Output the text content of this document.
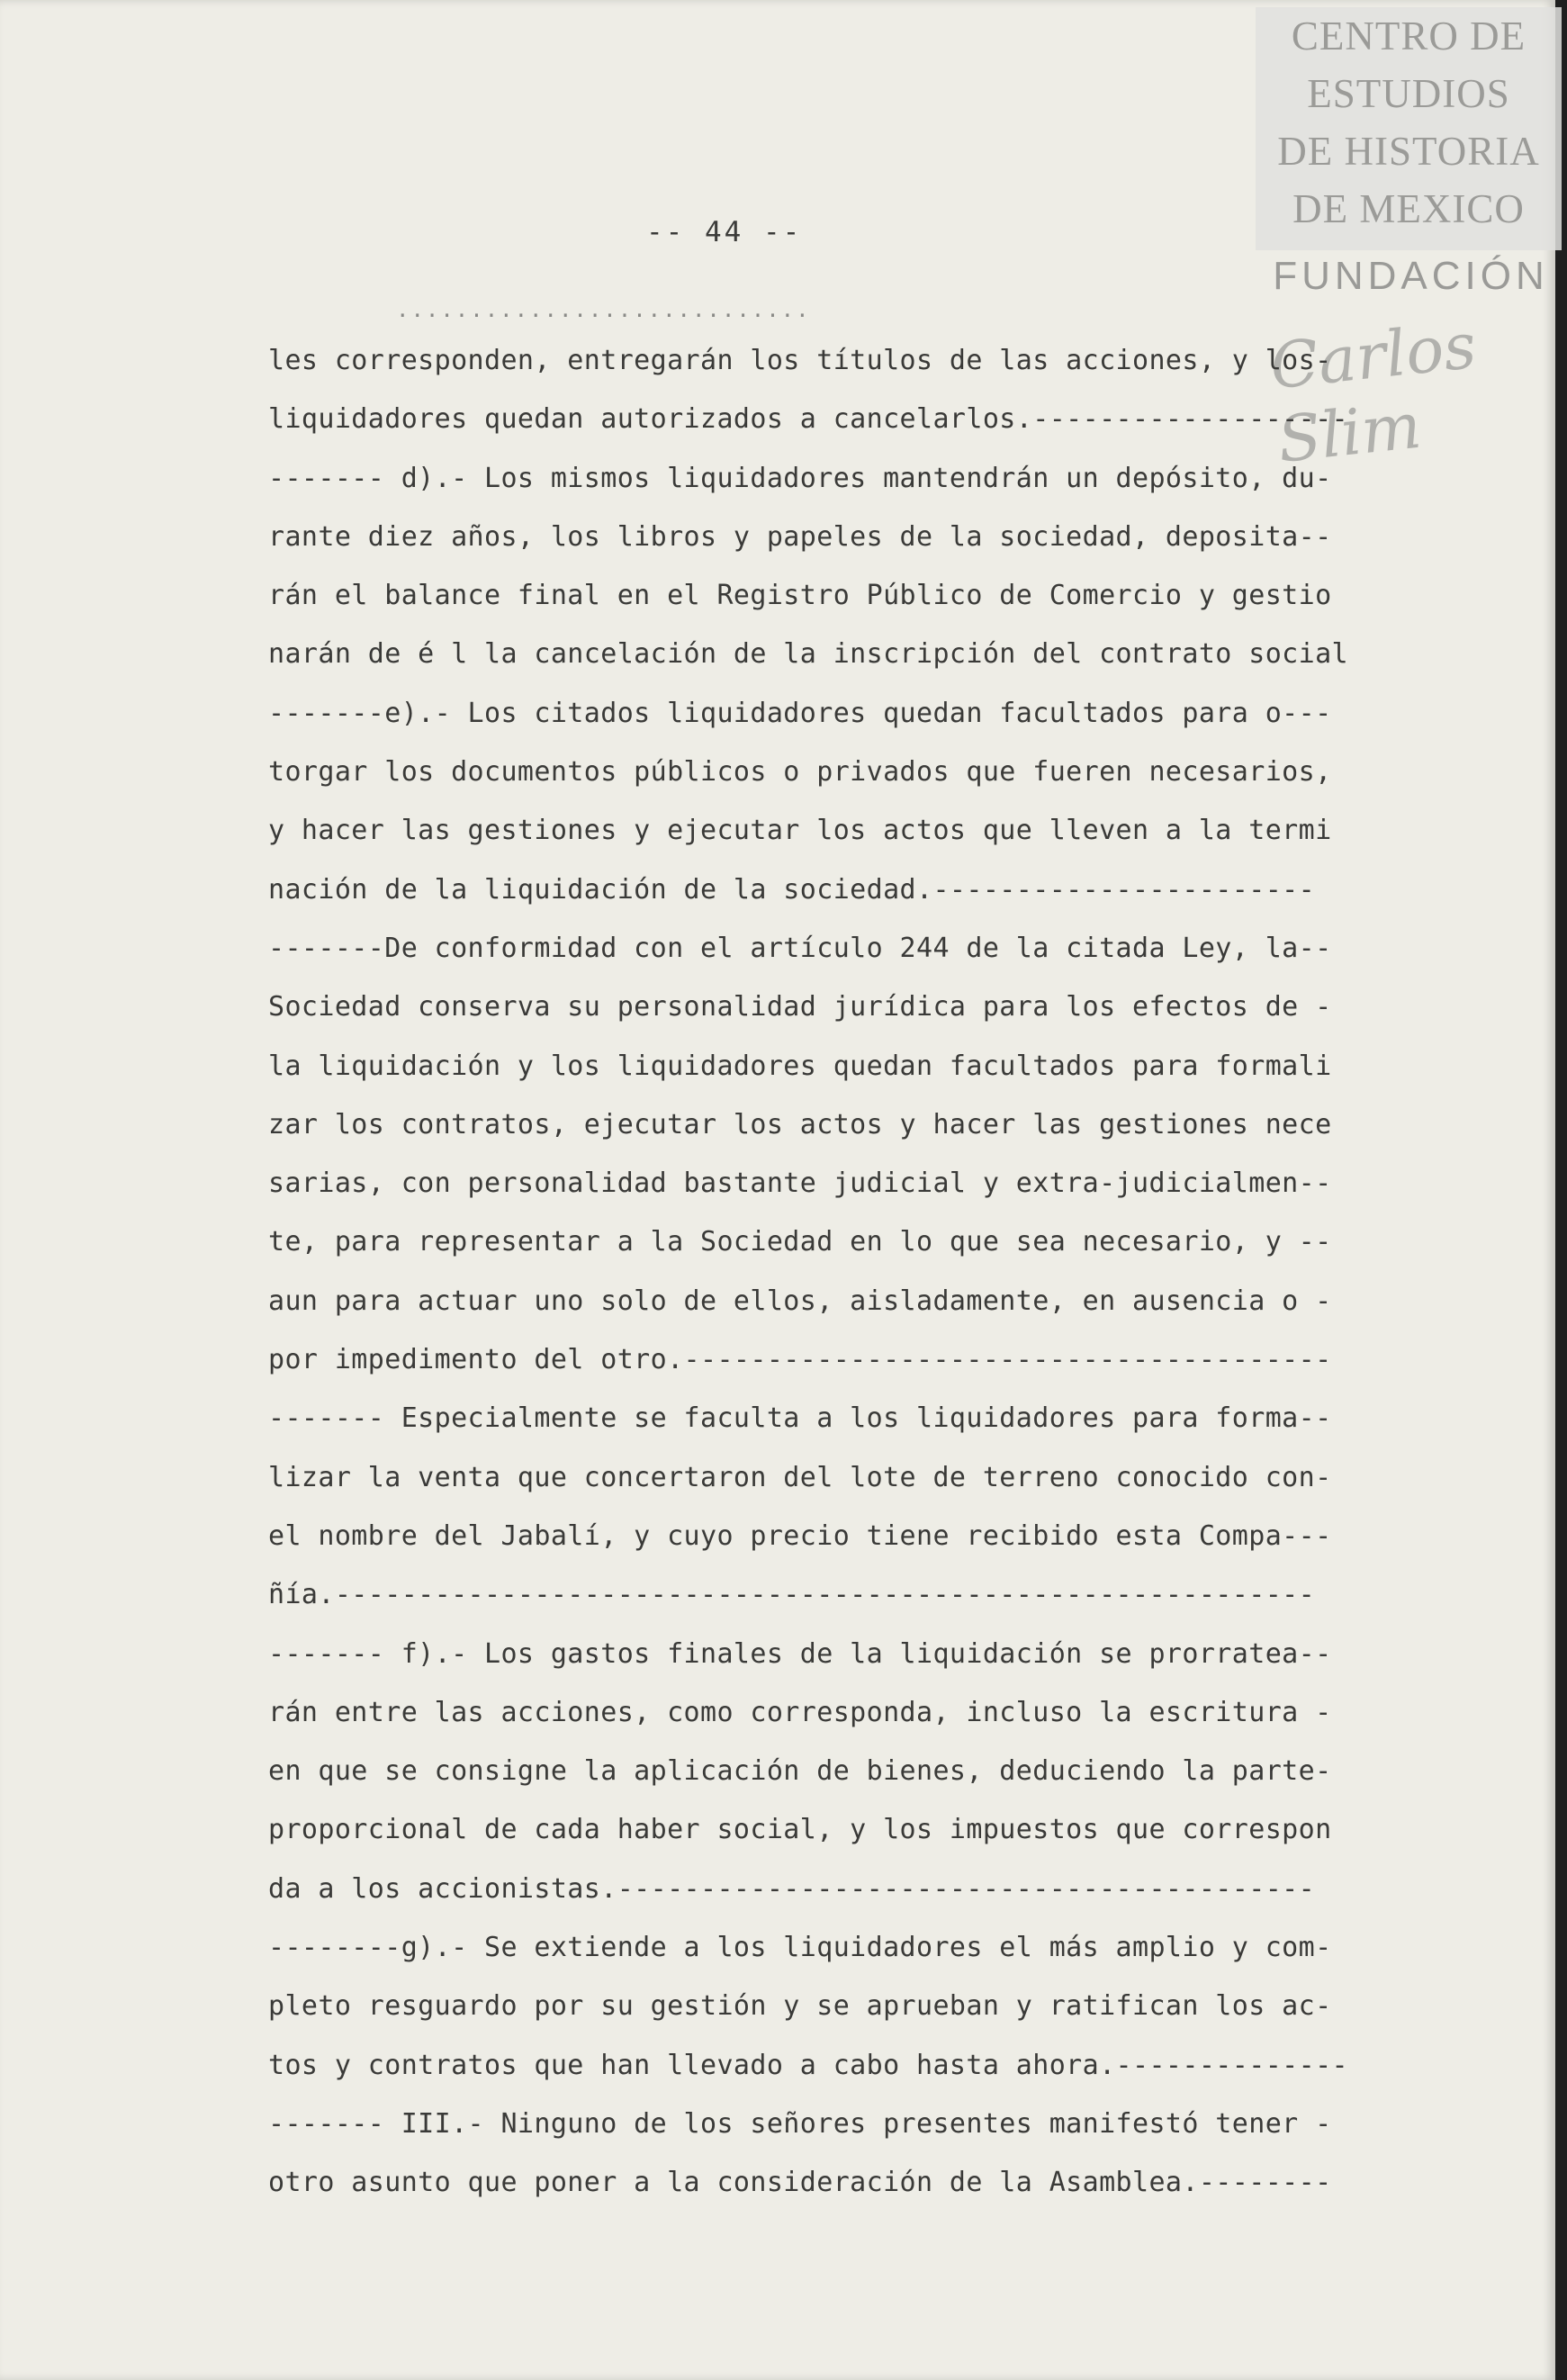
CENTRO DE
ESTUDIOS
DE HISTORIA
DE MEXICO
FUNDACIÓN
Carlos Slim
-- 44 --
............................
les corresponden, entregarán los títulos de las acciones, y los-
liquidadores quedan autorizados a cancelarlos.-------------------
------- d).- Los mismos liquidadores mantendrán un depósito, du-
rante diez años, los libros y papeles de la sociedad, deposita--
rán el balance final en el Registro Público de Comercio y gestio
narán de é l la cancelación de la inscripción del contrato social
-------e).- Los citados liquidadores quedan facultados para o---
torgar los documentos públicos o privados que fueren necesarios,
y hacer las gestiones y ejecutar los actos que lleven a la termi
nación de la liquidación de la sociedad.-----------------------
-------De conformidad con el artículo 244 de la citada Ley, la--
Sociedad conserva su personalidad jurídica para los efectos de -
la liquidación y los liquidadores quedan facultados para formali
zar los contratos, ejecutar los actos y hacer las gestiones nece
sarias, con personalidad bastante judicial y extra-judicialmen--
te, para representar a la Sociedad en lo que sea necesario, y --
aun para actuar uno solo de ellos, aisladamente, en ausencia o -
por impedimento del otro.---------------------------------------
------- Especialmente se faculta a los liquidadores para forma--
lizar la venta que concertaron del lote de terreno conocido con-
el nombre del Jabalí, y cuyo precio tiene recibido esta Compa---
ñía.-----------------------------------------------------------
------- f).- Los gastos finales de la liquidación se prorratea--
rán entre las acciones, como corresponda, incluso la escritura -
en que se consigne la aplicación de bienes, deduciendo la parte-
proporcional de cada haber social, y los impuestos que correspon
da a los accionistas.------------------------------------------
--------g).- Se extiende a los liquidadores el más amplio y com-
pleto resguardo por su gestión y se aprueban y ratifican los ac-
tos y contratos que han llevado a cabo hasta ahora.--------------
------- III.- Ninguno de los señores presentes manifestó tener -
otro asunto que poner a la consideración de la Asamblea.--------
